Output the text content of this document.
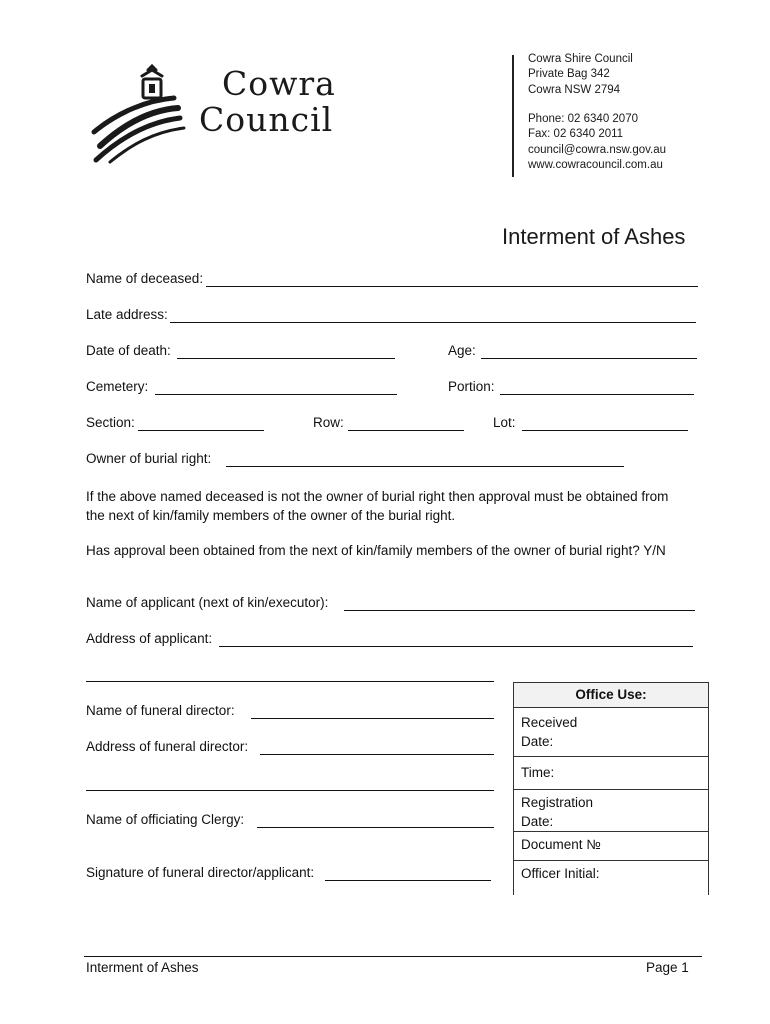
Cowra
Council
Cowra Shire Council
Private Bag 342
Cowra NSW 2794
Phone: 02 6340 2070
Fax: 02 6340 2011
council@cowra.nsw.gov.au
www.cowracouncil.com.au
Interment of Ashes
Name of deceased:
Late address:
Date of death:	Age:
Cemetery:	Portion:
Section:	Row:	Lot:
Owner of burial right:
If the above named deceased is not the owner of burial right then approval must be obtained from
the next of kin/family members of the owner of the burial right.
Has approval been obtained from the next of kin/family members of the owner of burial right? Y/N
Name of applicant (next of kin/executor):
Address of applicant:
Name of funeral director:
Address of funeral director:
Name of officiating Clergy:
Signature of funeral director/applicant:
Office Use:
Received
Date:
Time:
Registration
Date:
Document №
Officer Initial:
Interment of Ashes	Page 1
